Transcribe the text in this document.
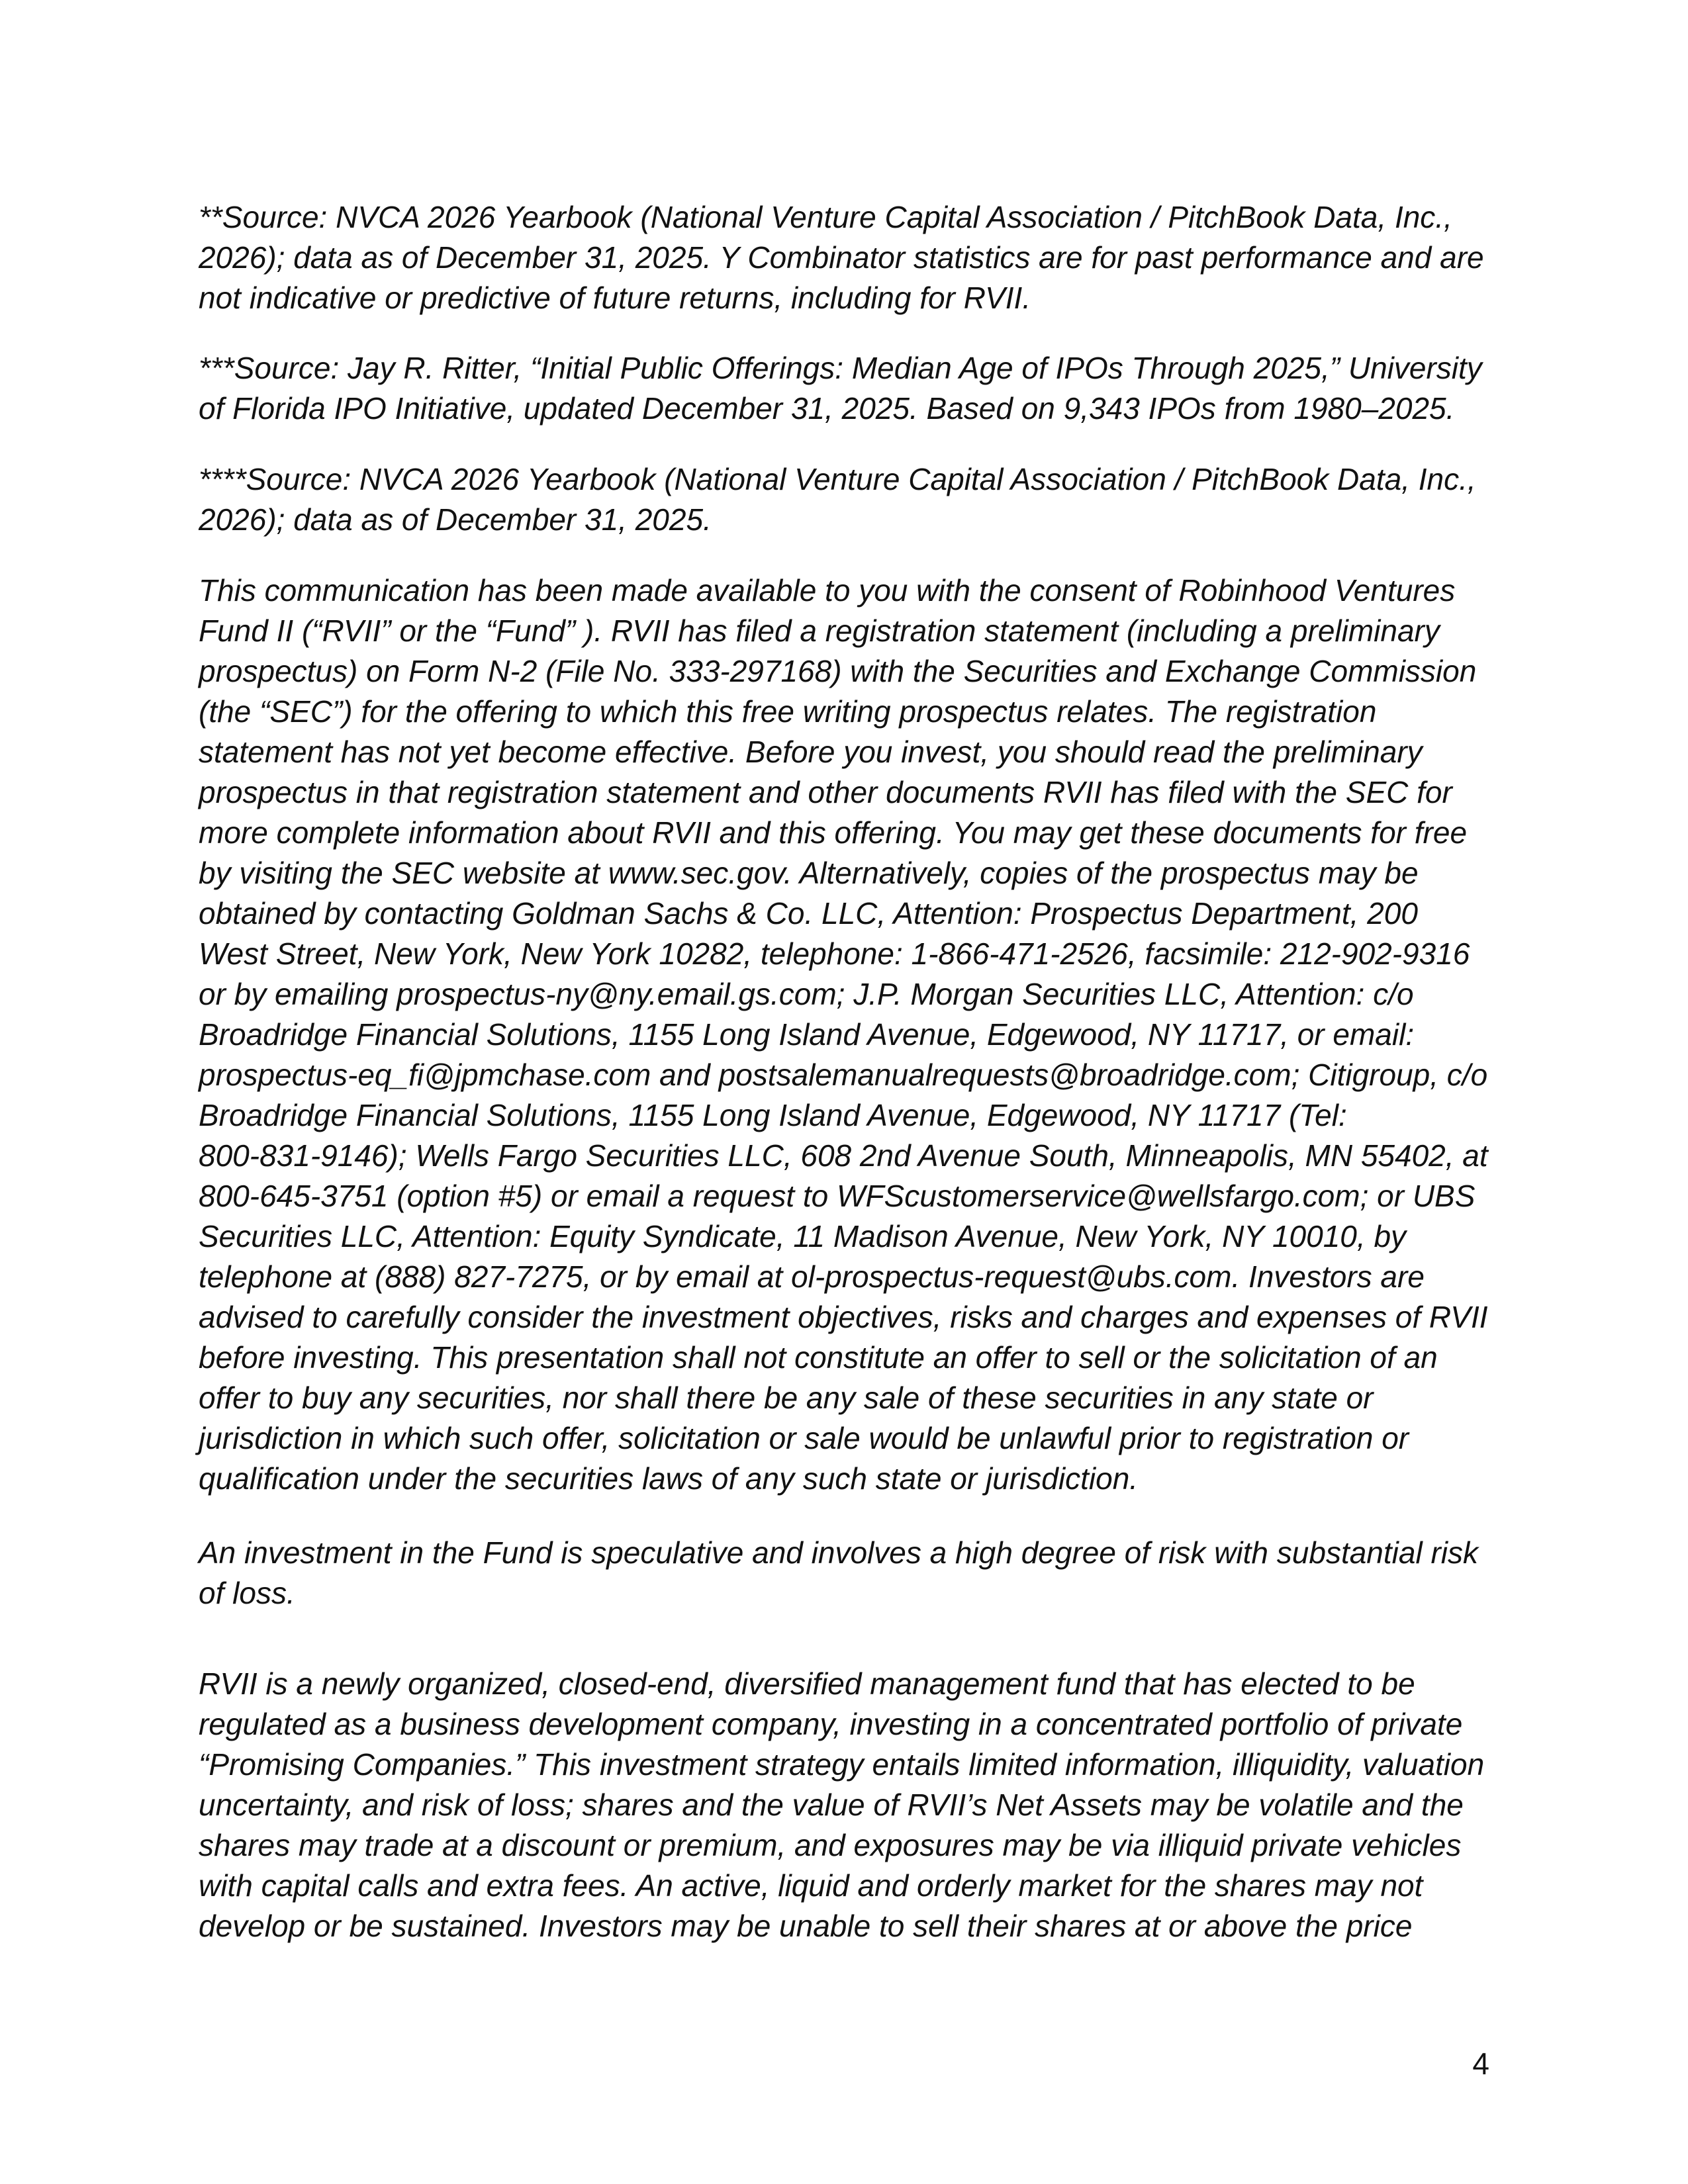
**Source: NVCA 2026 Yearbook (National Venture Capital Association / PitchBook Data, Inc.,
2026); data as of December 31, 2025. Y Combinator statistics are for past performance and are
not indicative or predictive of future returns, including for RVII.

***Source: Jay R. Ritter, “Initial Public Offerings: Median Age of IPOs Through 2025,” University
of Florida IPO Initiative, updated December 31, 2025. Based on 9,343 IPOs from 1980–2025.

****Source: NVCA 2026 Yearbook (National Venture Capital Association / PitchBook Data, Inc.,
2026); data as of December 31, 2025.

This communication has been made available to you with the consent of Robinhood Ventures
Fund II (“RVII” or the “Fund” ). RVII has filed a registration statement (including a preliminary
prospectus) on Form N-2 (File No. 333-297168) with the Securities and Exchange Commission
(the “SEC”) for the offering to which this free writing prospectus relates. The registration
statement has not yet become effective. Before you invest, you should read the preliminary
prospectus in that registration statement and other documents RVII has filed with the SEC for
more complete information about RVII and this offering. You may get these documents for free
by visiting the SEC website at www.sec.gov. Alternatively, copies of the prospectus may be
obtained by contacting Goldman Sachs & Co. LLC, Attention: Prospectus Department, 200
West Street, New York, New York 10282, telephone: 1-866-471-2526, facsimile: 212-902-9316
or by emailing prospectus-ny@ny.email.gs.com; J.P. Morgan Securities LLC, Attention: c/o
Broadridge Financial Solutions, 1155 Long Island Avenue, Edgewood, NY 11717, or email:
prospectus-eq_fi@jpmchase.com and postsalemanualrequests@broadridge.com; Citigroup, c/o
Broadridge Financial Solutions, 1155 Long Island Avenue, Edgewood, NY 11717 (Tel:
800-831-9146); Wells Fargo Securities LLC, 608 2nd Avenue South, Minneapolis, MN 55402, at
800-645-3751 (option #5) or email a request to WFScustomerservice@wellsfargo.com; or UBS
Securities LLC, Attention: Equity Syndicate, 11 Madison Avenue, New York, NY 10010, by
telephone at (888) 827-7275, or by email at ol-prospectus-request@ubs.com. Investors are
advised to carefully consider the investment objectives, risks and charges and expenses of RVII
before investing. This presentation shall not constitute an offer to sell or the solicitation of an
offer to buy any securities, nor shall there be any sale of these securities in any state or
jurisdiction in which such offer, solicitation or sale would be unlawful prior to registration or
qualification under the securities laws of any such state or jurisdiction.

An investment in the Fund is speculative and involves a high degree of risk with substantial risk
of loss.

RVII is a newly organized, closed-end, diversified management fund that has elected to be
regulated as a business development company, investing in a concentrated portfolio of private
“Promising Companies.” This investment strategy entails limited information, illiquidity, valuation
uncertainty, and risk of loss; shares and the value of RVII’s Net Assets may be volatile and the
shares may trade at a discount or premium, and exposures may be via illiquid private vehicles
with capital calls and extra fees. An active, liquid and orderly market for the shares may not
develop or be sustained. Investors may be unable to sell their shares at or above the price

4
